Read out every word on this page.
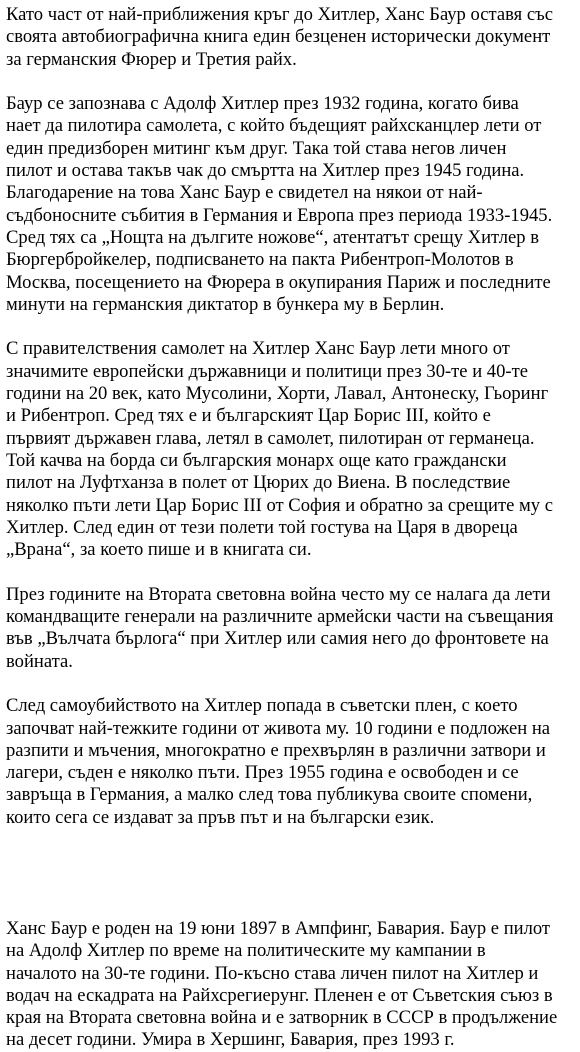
Като част от най-приближения кръг до Хитлер, Ханс Баур оставя със
своята автобиографична книга един безценен исторически документ
за германския Фюрер и Третия райх.

Баур се запознава с Адолф Хитлер през 1932 година, когато бива
нает да пилотира самолета, с който бъдещият райхсканцлер лети от
един предизборен митинг към друг. Така той става негов личен
пилот и остава такъв чак до смъртта на Хитлер през 1945 година.
Благодарение на това Ханс Баур е свидетел на някои от най-
съдбоносните събития в Германия и Европа през периода 1933-1945.
Сред тях са „Нощта на дългите ножове“, атентатът срещу Хитлер в
Бюргербройкелер, подписването на пакта Рибентроп-Молотов в
Москва, посещението на Фюрера в окупирания Париж и последните
минути на германския диктатор в бункера му в Берлин.

С правителствения самолет на Хитлер Ханс Баур лети много от
значимите европейски държавници и политици през 30-те и 40-те
години на 20 век, като Мусолини, Хорти, Лавал, Антонеску, Гьоринг
и Рибентроп. Сред тях е и българският Цар Борис III, който е
първият държавен глава, летял в самолет, пилотиран от германеца.
Той качва на борда си българския монарх още като граждански
пилот на Луфтханза в полет от Цюрих до Виена. В последствие
няколко пъти лети Цар Борис III от София и обратно за срещите му с
Хитлер. След един от тези полети той гостува на Царя в двореца
„Врана“, за което пише и в книгата си.

През годините на Втората световна война често му се налага да лети
командващите генерали на различните армейски части на съвещания
във „Вълчата бърлога“ при Хитлер или самия него до фронтовете на
войната.

След самоубийството на Хитлер попада в съветски плен, с което
започват най-тежките години от живота му. 10 години е подложен на
разпити и мъчения, многократно е прехвърлян в различни затвори и
лагери, съден е няколко пъти. През 1955 година е освободен и се
завръща в Германия, а малко след това публикува своите спомени,
които сега се издават за пръв път и на български език.

Ханс Баур е роден на 19 юни 1897 в Ампфинг, Бавария. Баур е пилот
на Адолф Хитлер по време на политическите му кампании в
началото на 30-те години. По-късно става личен пилот на Хитлер и
водач на ескадрата на Райхсрегиерунг. Пленен е от Съветския съюз в
края на Втората световна война и е затворник в СССР в продължение
на десет години. Умира в Хершинг, Бавария, през 1993 г.
